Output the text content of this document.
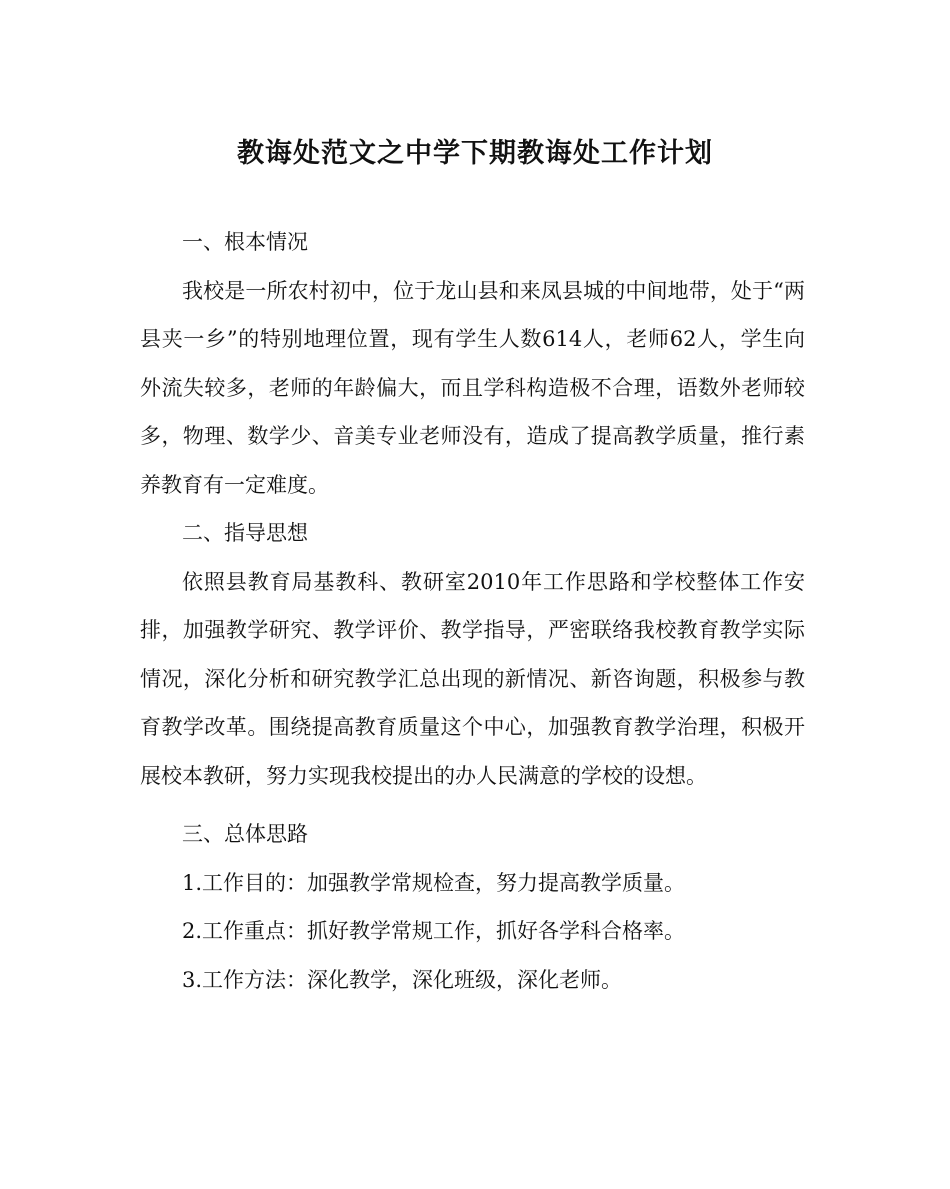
教诲处范文之中学下期教诲处工作计划

一、根本情况

我校是一所农村初中，位于龙山县和来凤县城的中间地带，处于“两县夹一乡”的特别地理位置，现有学生人数614人，老师62人，学生向外流失较多，老师的年龄偏大，而且学科构造极不合理，语数外老师较多，物理、数学少、音美专业老师没有，造成了提高教学质量，推行素养教育有一定难度。

二、指导思想

依照县教育局基教科、教研室2010年工作思路和学校整体工作安排，加强教学研究、教学评价、教学指导，严密联络我校教育教学实际情况，深化分析和研究教学汇总出现的新情况、新咨询题，积极参与教育教学改革。围绕提高教育质量这个中心，加强教育教学治理，积极开展校本教研，努力实现我校提出的办人民满意的学校的设想。

三、总体思路

1.工作目的：加强教学常规检查，努力提高教学质量。

2.工作重点：抓好教学常规工作，抓好各学科合格率。

3.工作方法：深化教学，深化班级，深化老师。
